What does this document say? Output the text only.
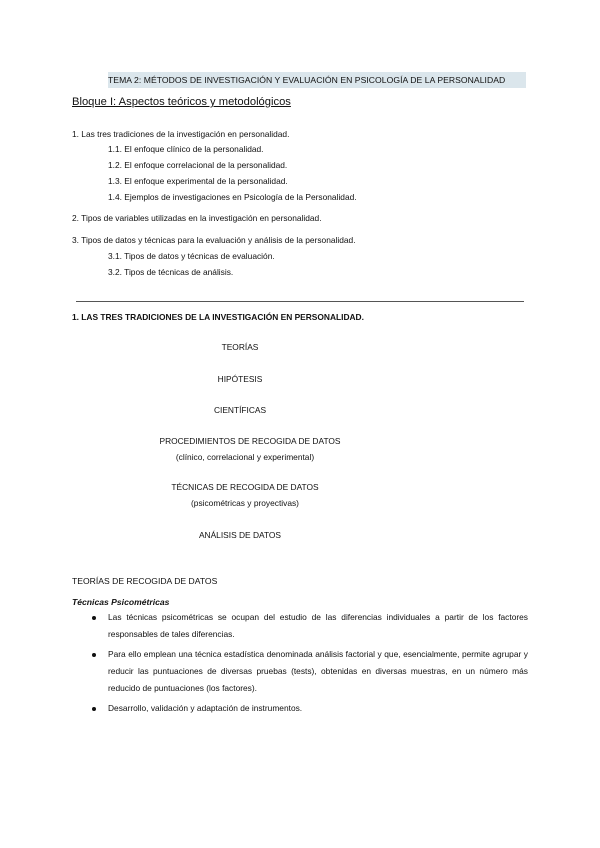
TEMA 2: MÉTODOS DE INVESTIGACIÓN Y EVALUACIÓN EN PSICOLOGÍA DE LA PERSONALIDAD
Bloque I: Aspectos teóricos y metodológicos
1. Las tres tradiciones de la investigación en personalidad.
1.1. El enfoque clínico de la personalidad.
1.2. El enfoque correlacional de la personalidad.
1.3. El enfoque experimental de la personalidad.
1.4. Ejemplos de investigaciones en Psicología de la Personalidad.
2. Tipos de variables utilizadas en la investigación en personalidad.
3. Tipos de datos y técnicas para la evaluación y análisis de la personalidad.
3.1. Tipos de datos y técnicas de evaluación.
3.2. Tipos de técnicas de análisis.
1. LAS TRES TRADICIONES DE LA INVESTIGACIÓN EN PERSONALIDAD.
TEORÍAS
HIPÓTESIS
CIENTÍFICAS
PROCEDIMIENTOS DE RECOGIDA DE DATOS
(clínico, correlacional y experimental)
TÉCNICAS DE RECOGIDA DE DATOS
(psicométricas y proyectivas)
ANÁLISIS DE DATOS
TEORÍAS DE RECOGIDA DE DATOS
Técnicas Psicométricas
Las técnicas psicométricas se ocupan del estudio de las diferencias individuales a partir de los factores responsables de tales diferencias.
Para ello emplean una técnica estadística denominada análisis factorial y que, esencialmente, permite agrupar y reducir las puntuaciones de diversas pruebas (tests), obtenidas en diversas muestras, en un número más reducido de puntuaciones (los factores).
Desarrollo, validación y adaptación de instrumentos.
